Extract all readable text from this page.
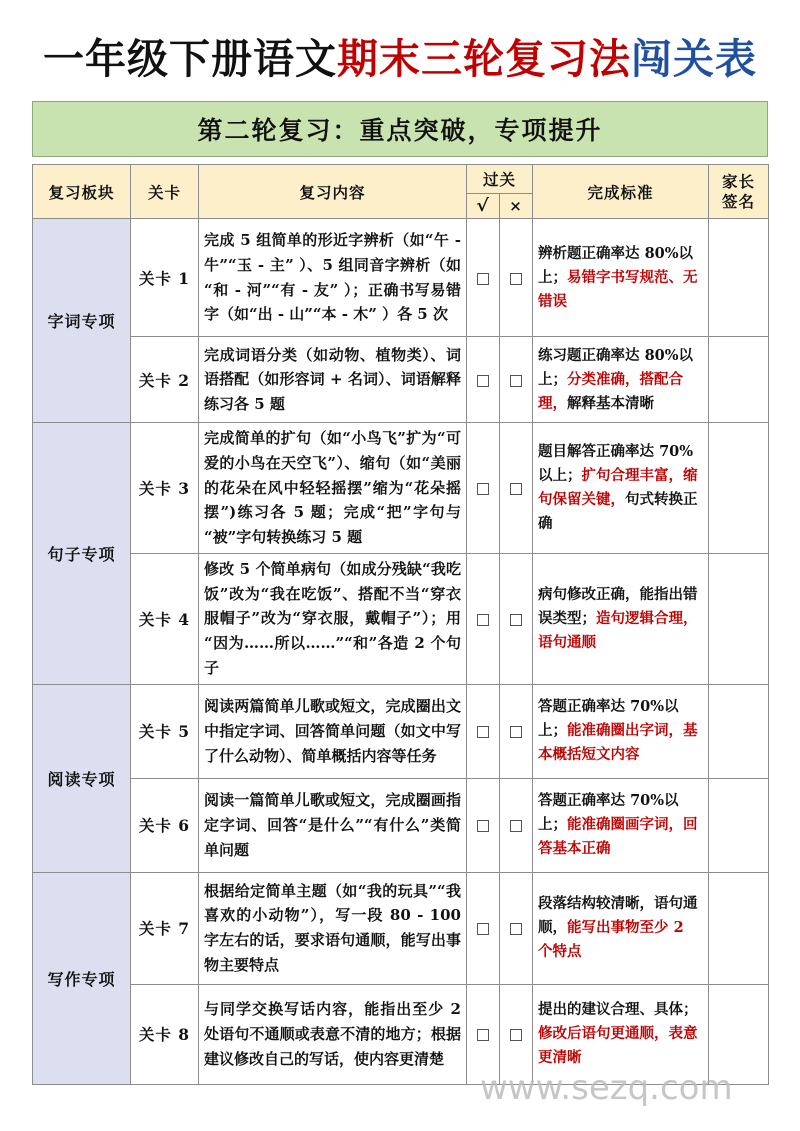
一年级下册语文期末三轮复习法闯关表
第二轮复习：重点突破，专项提升
复习板块	关卡	复习内容	过关		完成标准	家长
签名
			√	×		
字词专项	关卡 1	完成 5 组简单的形近字辨析（如“午 - 牛”“玉 - 主” ）、5 组同音字辨析（如“和 - 河”“有 - 友” ）；正确书写易错字（如“出 - 山”“本 - 木” ）各 5 次			辨析题正确率达 80%以上；易错字书写规范、无错误	
	关卡 2	完成词语分类（如动物、植物类）、词语搭配（如形容词 + 名词）、词语解释练习各 5 题			练习题正确率达 80%以上；分类准确，搭配合理，解释基本清晰	
句子专项	关卡 3	完成简单的扩句（如“小鸟飞”扩为“可爱的小鸟在天空飞”）、缩句（如“美丽的花朵在风中轻轻摇摆”缩为“花朵摇摆”)练习各 5 题；完成“把”字句与“被”字句转换练习 5 题			题目解答正确率达 70%以上；扩句合理丰富，缩句保留关键，句式转换正确	
	关卡 4	修改 5 个简单病句（如成分残缺“我吃饭”改为“我在吃饭”、搭配不当“穿衣服帽子”改为“穿衣服，戴帽子”）；用“因为……所以……”“和”各造 2 个句子			病句修改正确，能指出错误类型；造句逻辑合理，语句通顺	
阅读专项	关卡 5	阅读两篇简单儿歌或短文，完成圈出文中指定字词、回答简单问题（如文中写了什么动物）、简单概括内容等任务			答题正确率达 70%以上；能准确圈出字词，基本概括短文内容	
	关卡 6	阅读一篇简单儿歌或短文，完成圈画指定字词、回答“是什么”“有什么”类简单问题			答题正确率达 70%以上；能准确圈画字词，回答基本正确	
写作专项	关卡 7	根据给定简单主题（如“我的玩具”“我喜欢的小动物”），写一段 80 - 100 字左右的话，要求语句通顺，能写出事物主要特点			段落结构较清晰，语句通顺，能写出事物至少 2 个特点	
	关卡 8	与同学交换写话内容，能指出至少 2 处语句不通顺或表意不清的地方；根据建议修改自己的写话，使内容更清楚			提出的建议合理、具体；修改后语句更通顺，表意更清晰	
www.sezq.com
